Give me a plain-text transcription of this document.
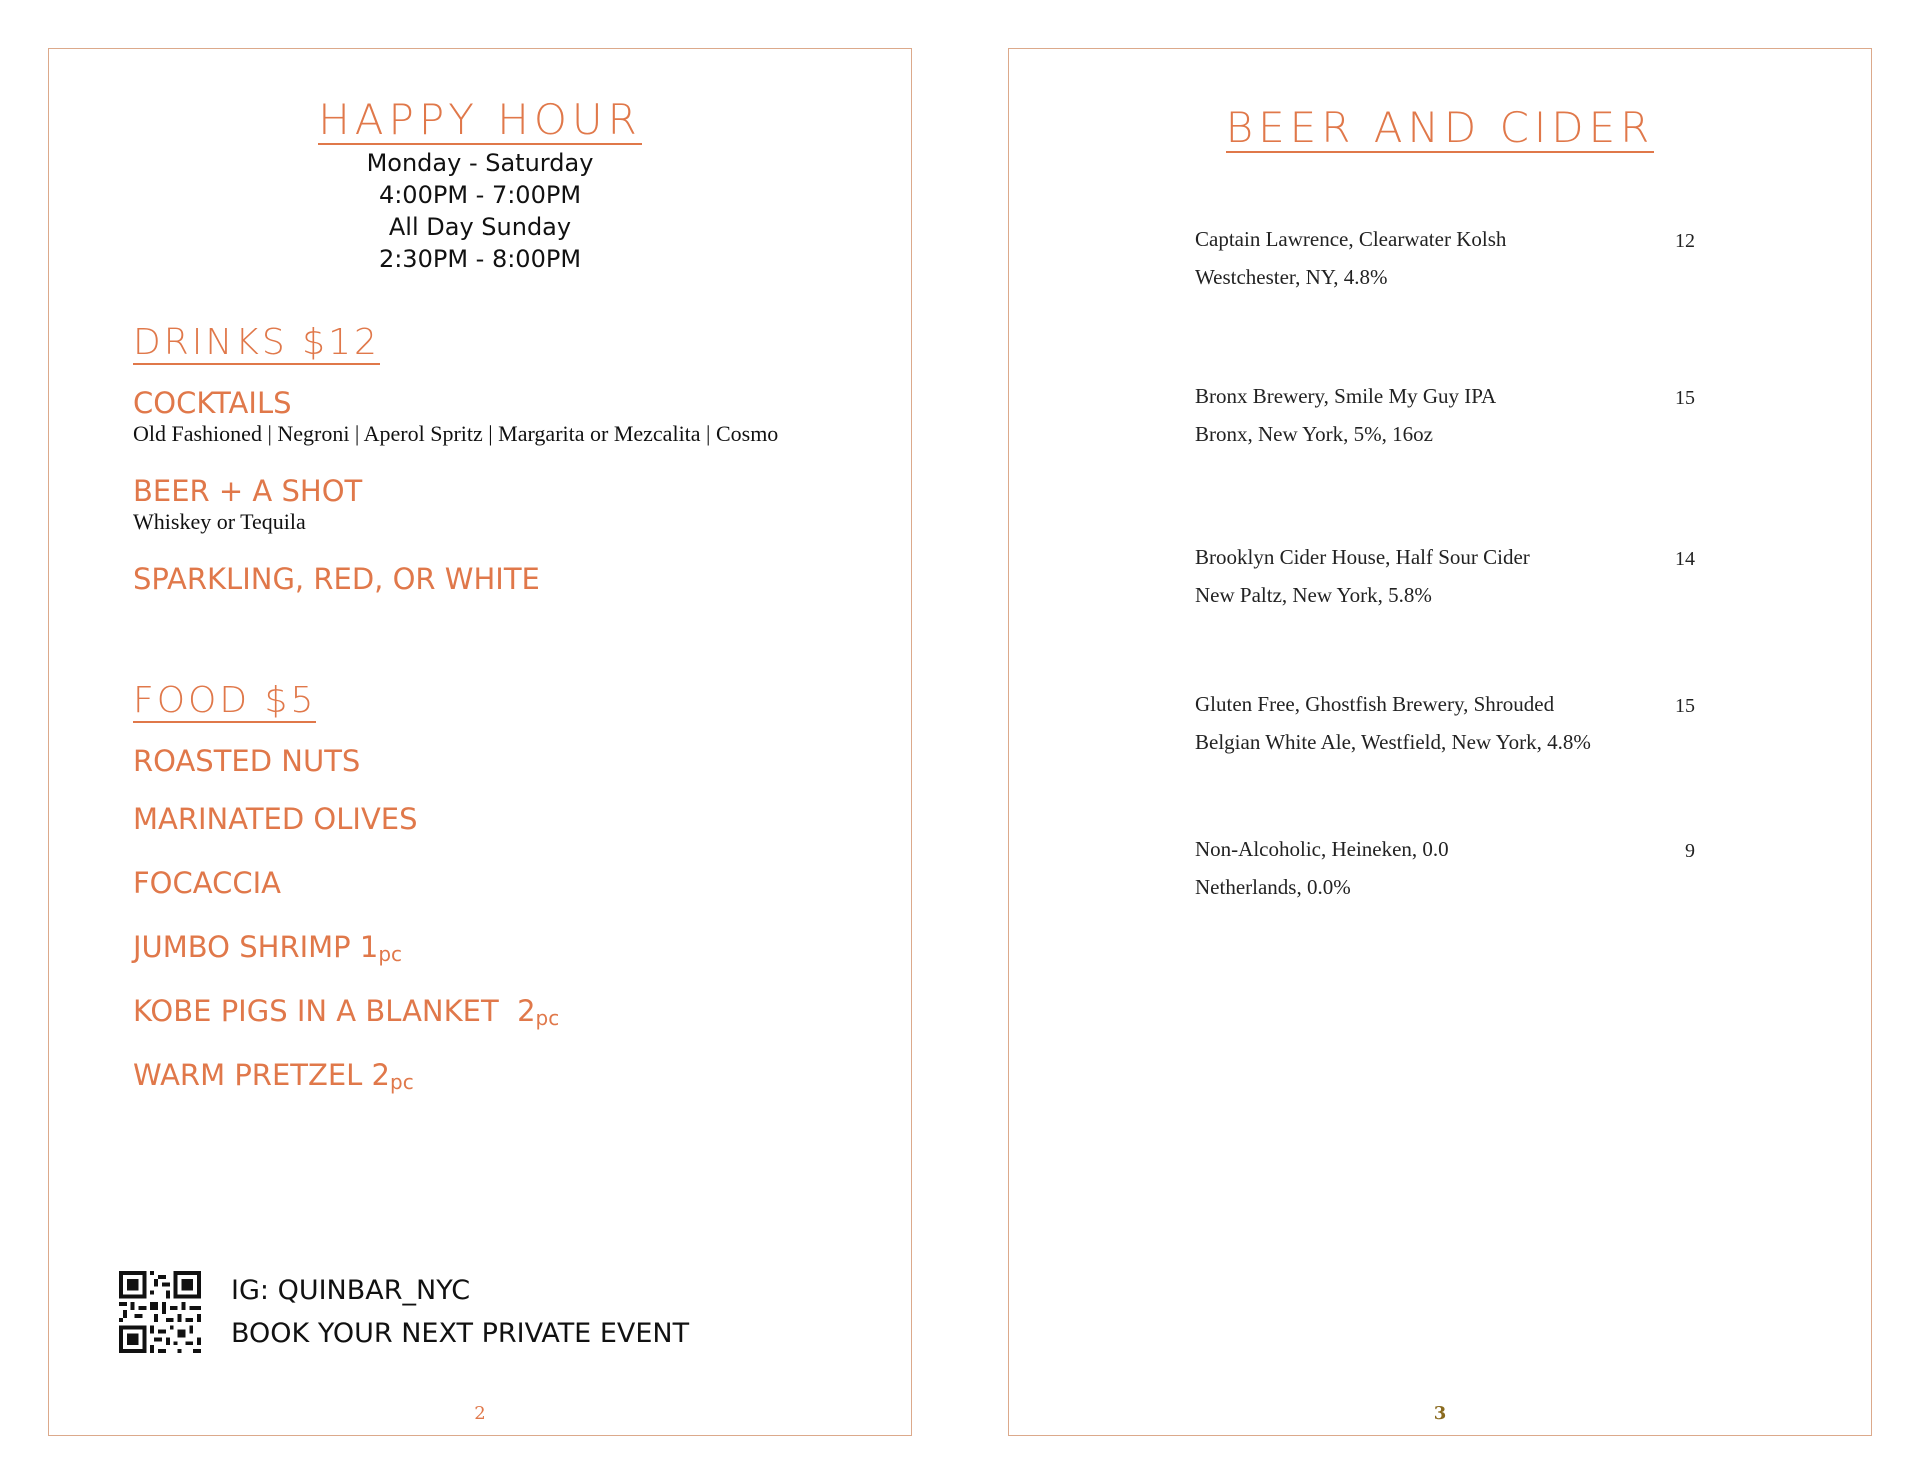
HAPPY HOUR
Monday - Saturday
4:00PM - 7:00PM
All Day Sunday
2:30PM - 8:00PM
DRINKS $12
COCKTAILS
Old Fashioned | Negroni | Aperol Spritz | Margarita or Mezcalita | Cosmo
BEER + A SHOT
Whiskey or Tequila
SPARKLING, RED, OR WHITE
FOOD $5
ROASTED NUTS
MARINATED OLIVES
FOCACCIA
JUMBO SHRIMP 1pc
KOBE PIGS IN A BLANKET  2pc
WARM PRETZEL 2pc
IG: QUINBAR_NYC
BOOK YOUR NEXT PRIVATE EVENT
2
BEER AND CIDER
Captain Lawrence, Clearwater Kolsh
Westchester, NY, 4.8%
12
Bronx Brewery, Smile My Guy IPA
Bronx, New York, 5%, 16oz
15
Brooklyn Cider House, Half Sour Cider
New Paltz, New York, 5.8%
14
Gluten Free, Ghostfish Brewery, Shrouded
Belgian White Ale, Westfield, New York, 4.8%
15
Non-Alcoholic, Heineken, 0.0
Netherlands, 0.0%
9
3
